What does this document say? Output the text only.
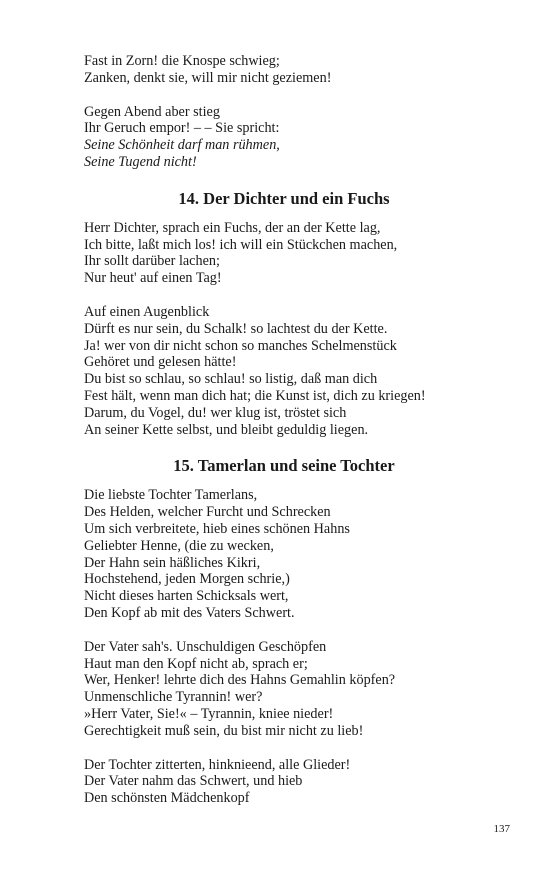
Fast in Zorn! die Knospe schwieg;
Zanken, denkt sie, will mir nicht geziemen!
Gegen Abend aber stieg
Ihr Geruch empor! – – Sie spricht:
Seine Schönheit darf man rühmen,
Seine Tugend nicht!
14. Der Dichter und ein Fuchs
Herr Dichter, sprach ein Fuchs, der an der Kette lag,
Ich bitte, laßt mich los! ich will ein Stückchen machen,
Ihr sollt darüber lachen;
Nur heut' auf einen Tag!
Auf einen Augenblick
Dürft es nur sein, du Schalk! so lachtest du der Kette.
Ja! wer von dir nicht schon so manches Schelmenstück
Gehöret und gelesen hätte!
Du bist so schlau, so schlau! so listig, daß man dich
Fest hält, wenn man dich hat; die Kunst ist, dich zu kriegen!
Darum, du Vogel, du! wer klug ist, tröstet sich
An seiner Kette selbst, und bleibt geduldig liegen.
15. Tamerlan und seine Tochter
Die liebste Tochter Tamerlans,
Des Helden, welcher Furcht und Schrecken
Um sich verbreitete, hieb eines schönen Hahns
Geliebter Henne, (die zu wecken,
Der Hahn sein häßliches Kikri,
Hochstehend, jeden Morgen schrie,)
Nicht dieses harten Schicksals wert,
Den Kopf ab mit des Vaters Schwert.
Der Vater sah's. Unschuldigen Geschöpfen
Haut man den Kopf nicht ab, sprach er;
Wer, Henker! lehrte dich des Hahns Gemahlin köpfen?
Unmenschliche Tyrannin! wer?
»Herr Vater, Sie!« – Tyrannin, kniee nieder!
Gerechtigkeit muß sein, du bist mir nicht zu lieb!
Der Tochter zitterten, hinknieend, alle Glieder!
Der Vater nahm das Schwert, und hieb
Den schönsten Mädchenkopf
137
